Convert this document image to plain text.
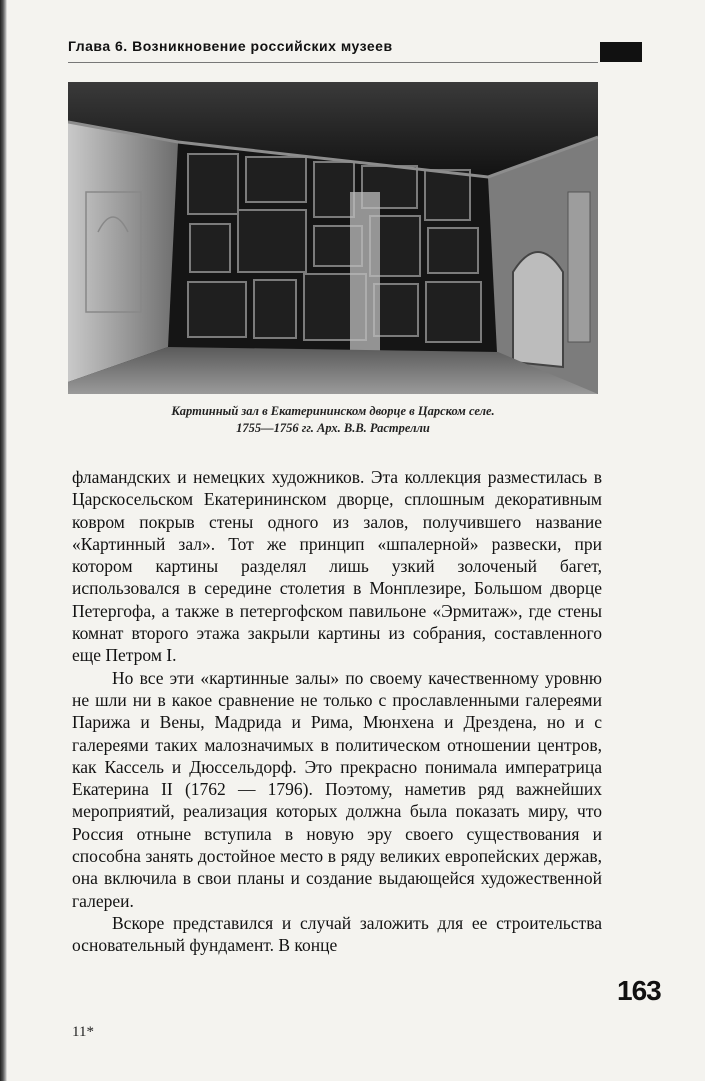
Глава 6. Возникновение российских музеев

Картинный зал в Екатерининском дворце в Царском селе.

1755—1756 гг. Арх. В.В. Растрелли

фламандских и немецких художников. Эта коллекция разместилась в Царскосельском Екатерининском дворце, сплошным декоративным ковром покрыв стены одного из залов, получившего название «Картинный зал». Тот же принцип «шпалерной» развески, при котором картины разделял лишь узкий золоченый багет, использовался в середине столетия в Монплезире, Большом дворце Петергофа, а также в петергофском павильоне «Эрмитаж», где стены комнат второго этажа закрыли картины из собрания, составленного еще Петром I.

Но все эти «картинные залы» по своему качественному уровню не шли ни в какое сравнение не только с прославленными галереями Парижа и Вены, Мадрида и Рима, Мюнхена и Дрездена, но и с галереями таких малозначимых в политическом отношении центров, как Кассель и Дюссельдорф. Это прекрасно понимала императрица Екатерина II (1762 — 1796). Поэтому, наметив ряд важнейших мероприятий, реализация которых должна была показать миру, что Россия отныне вступила в новую эру своего существования и способна занять достойное место в ряду великих европейских держав, она включила в свои планы и создание выдающейся художественной галереи.

Вскоре представился и случай заложить для ее строительства основательный фундамент. В конце

163
11*
